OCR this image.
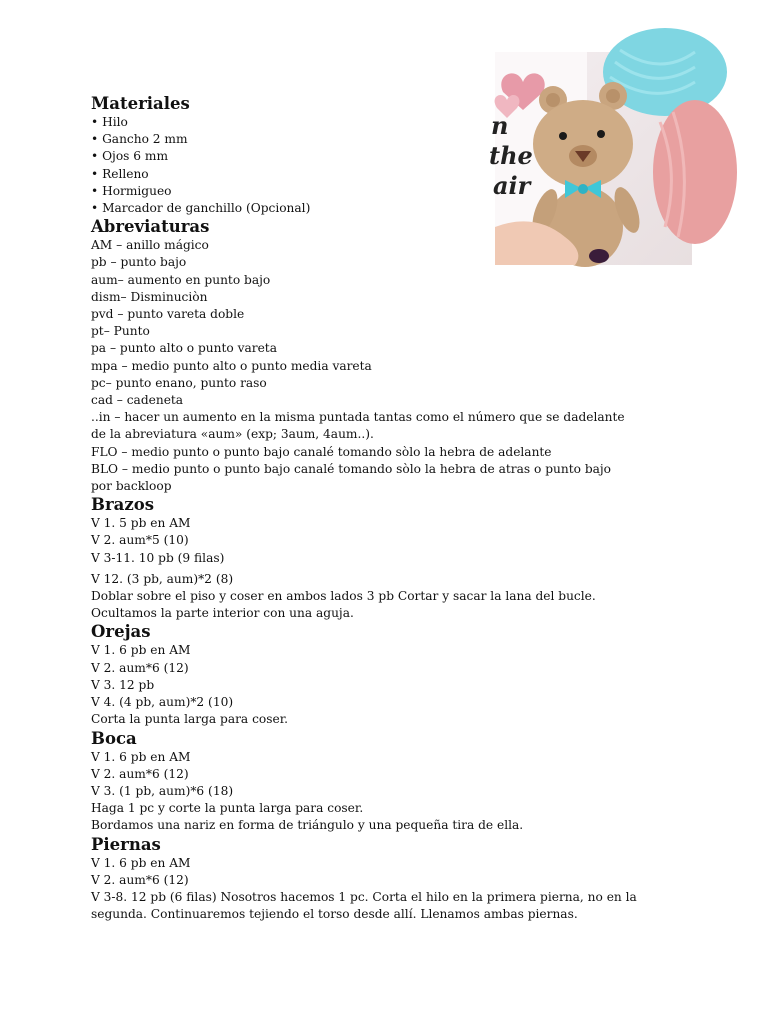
Materiales

• Hilo

• Gancho 2 mm

• Ojos 6 mm

• Relleno

• Hormigueo

• Marcador de ganchillo (Opcional)

Abreviaturas

AM – anillo mágico

pb – punto bajo

aum– aumento en punto bajo

dism– Disminuciòn

pvd – punto vareta doble

pt– Punto

pa – punto alto o punto vareta

mpa – medio punto alto o punto media vareta

pc– punto enano, punto raso

cad – cadeneta

..in – hacer un aumento en la misma puntada tantas como el número que se dadelante

de la abreviatura «aum» (exp; 3aum, 4aum..).

FLO – medio punto o punto bajo canalé tomando sòlo la hebra de adelante

BLO – medio punto o punto bajo canalé tomando sòlo la hebra de atras o punto bajo

por backloop

Brazos

V 1. 5 pb en AM

V 2. aum*5 (10)

V 3-11. 10 pb (9 filas)

V 12. (3 pb, aum)*2 (8)

Doblar sobre el piso y coser en ambos lados 3 pb Cortar y sacar la lana del bucle.

Ocultamos la parte interior con una aguja.

Orejas

V 1. 6 pb en AM

V 2. aum*6 (12)

V 3. 12 pb

V 4. (4 pb, aum)*2 (10)

Corta la punta larga para coser.

Boca

V 1. 6 pb en AM

V 2. aum*6 (12)

V 3. (1 pb, aum)*6 (18)

Haga 1 pc y corte la punta larga para coser.

Bordamos una nariz en forma de triángulo y una pequeña tira de ella.

Piernas

V 1. 6 pb en AM

V 2. aum*6 (12)

V 3-8. 12 pb (6 filas) Nosotros hacemos 1 pc. Corta el hilo en la primera pierna, no en la

segunda. Continuaremos tejiendo el torso desde allí. Llenamos ambas piernas.

n
the
air
